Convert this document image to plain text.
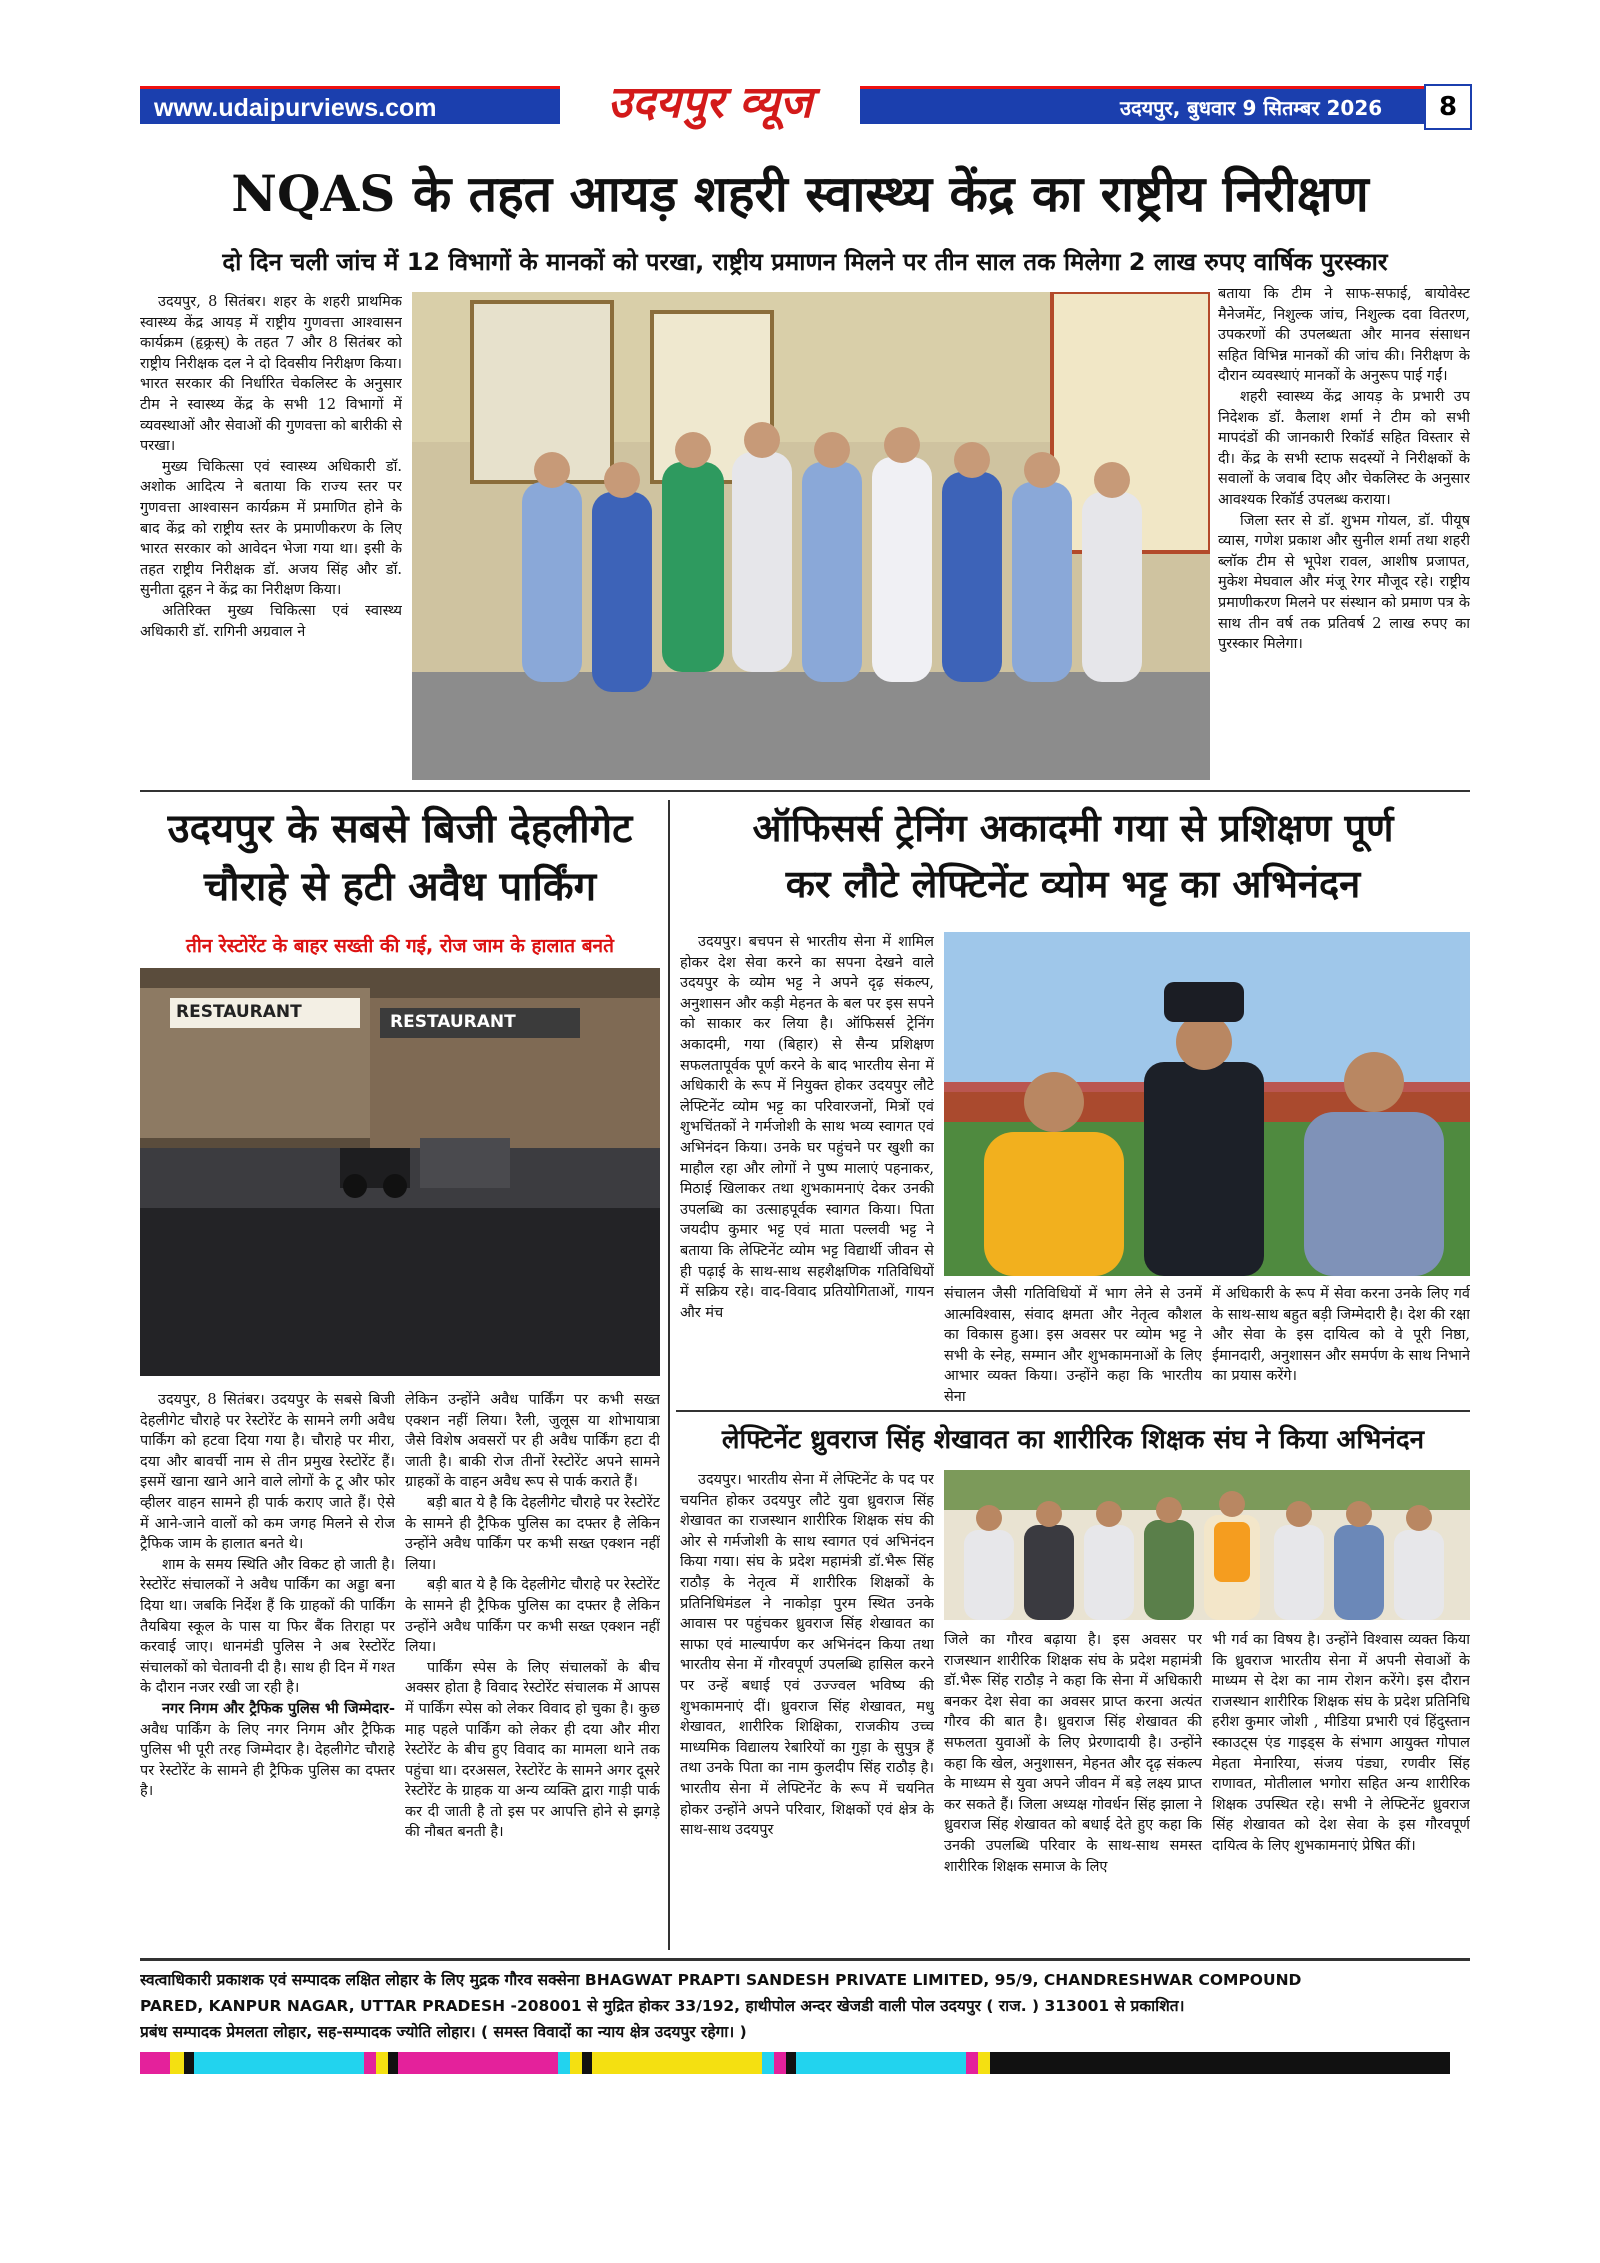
www.udaipurviews.com	उदयपुर व्यूज	उदयपुर, बुधवार 9 सितम्बर 2026	8
NQAS के तहत आयड़ शहरी स्वास्थ्य केंद्र का राष्ट्रीय निरीक्षण
दो दिन चली जांच में 12 विभागों के मानकों को परखा, राष्ट्रीय प्रमाणन मिलने पर तीन साल तक मिलेगा 2 लाख रुपए वार्षिक पुरस्कार

उदयपुर, 8 सितंबर। शहर के शहरी प्राथमिक स्वास्थ्य केंद्र आयड़ में राष्ट्रीय गुणवत्ता आश्वासन कार्यक्रम (हृक्र्रस्) के तहत 7 और 8 सितंबर को राष्ट्रीय निरीक्षक दल ने दो दिवसीय निरीक्षण किया। भारत सरकार की निर्धारित चेकलिस्ट के अनुसार टीम ने स्वास्थ्य केंद्र के सभी 12 विभागों में व्यवस्थाओं और सेवाओं की गुणवत्ता को बारीकी से परखा।

मुख्य चिकित्सा एवं स्वास्थ्य अधिकारी डॉ. अशोक आदित्य ने बताया कि राज्य स्तर पर गुणवत्ता आश्वासन कार्यक्रम में प्रमाणित होने के बाद केंद्र को राष्ट्रीय स्तर के प्रमाणीकरण के लिए भारत सरकार को आवेदन भेजा गया था। इसी के तहत राष्ट्रीय निरीक्षक डॉ. अजय सिंह और डॉ. सुनीता दूहन ने केंद्र का निरीक्षण किया।

अतिरिक्त मुख्य चिकित्सा एवं स्वास्थ्य अधिकारी डॉ. रागिनी अग्रवाल ने

बताया कि टीम ने साफ-सफाई, बायोवेस्ट मैनेजमेंट, निशुल्क जांच, निशुल्क दवा वितरण, उपकरणों की उपलब्धता और मानव संसाधन सहित विभिन्न मानकों की जांच की। निरीक्षण के दौरान व्यवस्थाएं मानकों के अनुरूप पाई गईं।

शहरी स्वास्थ्य केंद्र आयड़ के प्रभारी उप निदेशक डॉ. कैलाश शर्मा ने टीम को सभी मापदंडों की जानकारी रिकॉर्ड सहित विस्तार से दी। केंद्र के सभी स्टाफ सदस्यों ने निरीक्षकों के सवालों के जवाब दिए और चेकलिस्ट के अनुसार आवश्यक रिकॉर्ड उपलब्ध कराया।

जिला स्तर से डॉ. शुभम गोयल, डॉ. पीयूष व्यास, गणेश प्रकाश और सुनील शर्मा तथा शहरी ब्लॉक टीम से भूपेश रावल, आशीष प्रजापत, मुकेश मेघवाल और मंजू रेगर मौजूद रहे। राष्ट्रीय प्रमाणीकरण मिलने पर संस्थान को प्रमाण पत्र के साथ तीन वर्ष तक प्रतिवर्ष 2 लाख रुपए का पुरस्कार मिलेगा।

उदयपुर के सबसे बिजी देहलीगेट
चौराहे से हटी अवैध पार्किंग
तीन रेस्टोरेंट के बाहर सख्ती की गई, रोज जाम के हालात बनते
RESTAURANT	RESTAURANT

उदयपुर, 8 सितंबर। उदयपुर के सबसे बिजी देहलीगेट चौराहे पर रेस्टोरेंट के सामने लगी अवैध पार्किंग को हटवा दिया गया है। चौराहे पर मीरा, दया और बावर्ची नाम से तीन प्रमुख रेस्टोरेंट हैं। इसमें खाना खाने आने वाले लोगों के टू और फोर व्हीलर वाहन सामने ही पार्क कराए जाते हैं। ऐसे में आने-जाने वालों को कम जगह मिलने से रोज ट्रैफिक जाम के हालात बनते थे।

शाम के समय स्थिति और विकट हो जाती है। रेस्टोरेंट संचालकों ने अवैध पार्किंग का अड्डा बना दिया था। जबकि निर्देश हैं कि ग्राहकों की पार्किंग तैयबिया स्कूल के पास या फिर बैंक तिराहा पर करवाई जाए। धानमंडी पुलिस ने अब रेस्टोरेंट संचालकों को चेतावनी दी है। साथ ही दिन में गश्त के दौरान नजर रखी जा रही है।

नगर निगम और ट्रैफिक पुलिस भी जिम्मेदार- अवैध पार्किंग के लिए नगर निगम और ट्रैफिक पुलिस भी पूरी तरह जिम्मेदार है। देहलीगेट चौराहे पर रेस्टोरेंट के सामने ही ट्रैफिक पुलिस का दफ्तर है।

लेकिन उन्होंने अवैध पार्किंग पर कभी सख्त एक्शन नहीं लिया। रैली, जुलूस या शोभायात्रा जैसे विशेष अवसरों पर ही अवैध पार्किंग हटा दी जाती है। बाकी रोज तीनों रेस्टोरेंट अपने सामने ग्राहकों के वाहन अवैध रूप से पार्क कराते हैं।

बड़ी बात ये है कि देहलीगेट चौराहे पर रेस्टोरेंट के सामने ही ट्रैफिक पुलिस का दफ्तर है लेकिन उन्होंने अवैध पार्किंग पर कभी सख्त एक्शन नहीं लिया।

बड़ी बात ये है कि देहलीगेट चौराहे पर रेस्टोरेंट के सामने ही ट्रैफिक पुलिस का दफ्तर है लेकिन उन्होंने अवैध पार्किंग पर कभी सख्त एक्शन नहीं लिया।

पार्किंग स्पेस के लिए संचालकों के बीच अक्सर होता है विवाद रेस्टोरेंट संचालक में आपस में पार्किंग स्पेस को लेकर विवाद हो चुका है। कुछ माह पहले पार्किंग को लेकर ही दया और मीरा रेस्टोरेंट के बीच हुए विवाद का मामला थाने तक पहुंचा था। दरअसल, रेस्टोरेंट के सामने अगर दूसरे रेस्टोरेंट के ग्राहक या अन्य व्यक्ति द्वारा गाड़ी पार्क कर दी जाती है तो इस पर आपत्ति होने से झगड़े की नौबत बनती है।

ऑफिसर्स ट्रेनिंग अकादमी गया से प्रशिक्षण पूर्ण
कर लौटे लेफ्टिनेंट व्योम भट्ट का अभिनंदन

उदयपुर। बचपन से भारतीय सेना में शामिल होकर देश सेवा करने का सपना देखने वाले उदयपुर के व्योम भट्ट ने अपने दृढ़ संकल्प, अनुशासन और कड़ी मेहनत के बल पर इस सपने को साकार कर लिया है। ऑफिसर्स ट्रेनिंग अकादमी, गया (बिहार) से सैन्य प्रशिक्षण सफलतापूर्वक पूर्ण करने के बाद भारतीय सेना में अधिकारी के रूप में नियुक्त होकर उदयपुर लौटे लेफ्टिनेंट व्योम भट्ट का परिवारजनों, मित्रों एवं शुभचिंतकों ने गर्मजोशी के साथ भव्य स्वागत एवं अभिनंदन किया। उनके घर पहुंचने पर खुशी का माहौल रहा और लोगों ने पुष्प मालाएं पहनाकर, मिठाई खिलाकर तथा शुभकामनाएं देकर उनकी उपलब्धि का उत्साहपूर्वक स्वागत किया। पिता जयदीप कुमार भट्ट एवं माता पल्लवी भट्ट ने बताया कि लेफ्टिनेंट व्योम भट्ट विद्यार्थी जीवन से ही पढ़ाई के साथ-साथ सहशैक्षणिक गतिविधियों में सक्रिय रहे। वाद-विवाद प्रतियोगिताओं, गायन और मंच

संचालन जैसी गतिविधियों में भाग लेने से उनमें आत्मविश्वास, संवाद क्षमता और नेतृत्व कौशल का विकास हुआ। इस अवसर पर व्योम भट्ट ने सभी के स्नेह, सम्मान और शुभकामनाओं के लिए आभार व्यक्त किया। उन्होंने कहा कि भारतीय सेना

में अधिकारी के रूप में सेवा करना उनके लिए गर्व के साथ-साथ बहुत बड़ी जिम्मेदारी है। देश की रक्षा और सेवा के इस दायित्व को वे पूरी निष्ठा, ईमानदारी, अनुशासन और समर्पण के साथ निभाने का प्रयास करेंगे।

लेफ्टिनेंट ध्रुवराज सिंह शेखावत का शारीरिक शिक्षक संघ ने किया अभिनंदन

उदयपुर। भारतीय सेना में लेफ्टिनेंट के पद पर चयनित होकर उदयपुर लौटे युवा ध्रुवराज सिंह शेखावत का राजस्थान शारीरिक शिक्षक संघ की ओर से गर्मजोशी के साथ स्वागत एवं अभिनंदन किया गया। संघ के प्रदेश महामंत्री डॉ.भैरू सिंह राठौड़ के नेतृत्व में शारीरिक शिक्षकों के प्रतिनिधिमंडल ने नाकोड़ा पुरम स्थित उनके आवास पर पहुंचकर ध्रुवराज सिंह शेखावत का साफा एवं माल्यार्पण कर अभिनंदन किया तथा भारतीय सेना में गौरवपूर्ण उपलब्धि हासिल करने पर उन्हें बधाई एवं उज्ज्वल भविष्य की शुभकामनाएं दीं। ध्रुवराज सिंह शेखावत, मधु शेखावत, शारीरिक शिक्षिका, राजकीय उच्च माध्यमिक विद्यालय रेबारियों का गुड़ा के सुपुत्र हैं तथा उनके पिता का नाम कुलदीप सिंह राठौड़ है। भारतीय सेना में लेफ्टिनेंट के रूप में चयनित होकर उन्होंने अपने परिवार, शिक्षकों एवं क्षेत्र के साथ-साथ उदयपुर

जिले का गौरव बढ़ाया है। इस अवसर पर राजस्थान शारीरिक शिक्षक संघ के प्रदेश महामंत्री डॉ.भैरू सिंह राठौड़ ने कहा कि सेना में अधिकारी बनकर देश सेवा का अवसर प्राप्त करना अत्यंत गौरव की बात है। ध्रुवराज सिंह शेखावत की सफलता युवाओं के लिए प्रेरणादायी है। उन्होंने कहा कि खेल, अनुशासन, मेहनत और दृढ़ संकल्प के माध्यम से युवा अपने जीवन में बड़े लक्ष्य प्राप्त कर सकते हैं। जिला अध्यक्ष गोवर्धन सिंह झाला ने ध्रुवराज सिंह शेखावत को बधाई देते हुए कहा कि उनकी उपलब्धि परिवार के साथ-साथ समस्त शारीरिक शिक्षक समाज के लिए

भी गर्व का विषय है। उन्होंने विश्वास व्यक्त किया कि ध्रुवराज भारतीय सेना में अपनी सेवाओं के माध्यम से देश का नाम रोशन करेंगे। इस दौरान राजस्थान शारीरिक शिक्षक संघ के प्रदेश प्रतिनिधि हरीश कुमार जोशी , मीडिया प्रभारी एवं हिंदुस्तान स्काउट्स एंड गाइड्स के संभाग आयुक्त गोपाल मेहता मेनारिया, संजय पंड्या, रणवीर सिंह राणावत, मोतीलाल भगोरा सहित अन्य शारीरिक शिक्षक उपस्थित रहे। सभी ने लेफ्टिनेंट ध्रुवराज सिंह शेखावत को देश सेवा के इस गौरवपूर्ण दायित्व के लिए शुभकामनाएं प्रेषित कीं।

स्वत्वाधिकारी प्रकाशक एवं सम्पादक लक्षित लोहार के लिए मुद्रक गौरव सक्सेना BHAGWAT PRAPTI SANDESH PRIVATE LIMITED, 95/9, CHANDRESHWAR COMPOUND
PARED, KANPUR NAGAR, UTTAR PRADESH -208001 से मुद्रित होकर 33/192, हाथीपोल अन्दर खेजडी वाली पोल उदयपुर ( राज. ) 313001 से प्रकाशित।
प्रबंध सम्पादक प्रेमलता लोहार, सह-सम्पादक ज्योति लोहार। ( समस्त विवादों का न्याय क्षेत्र उदयपुर रहेगा। )
